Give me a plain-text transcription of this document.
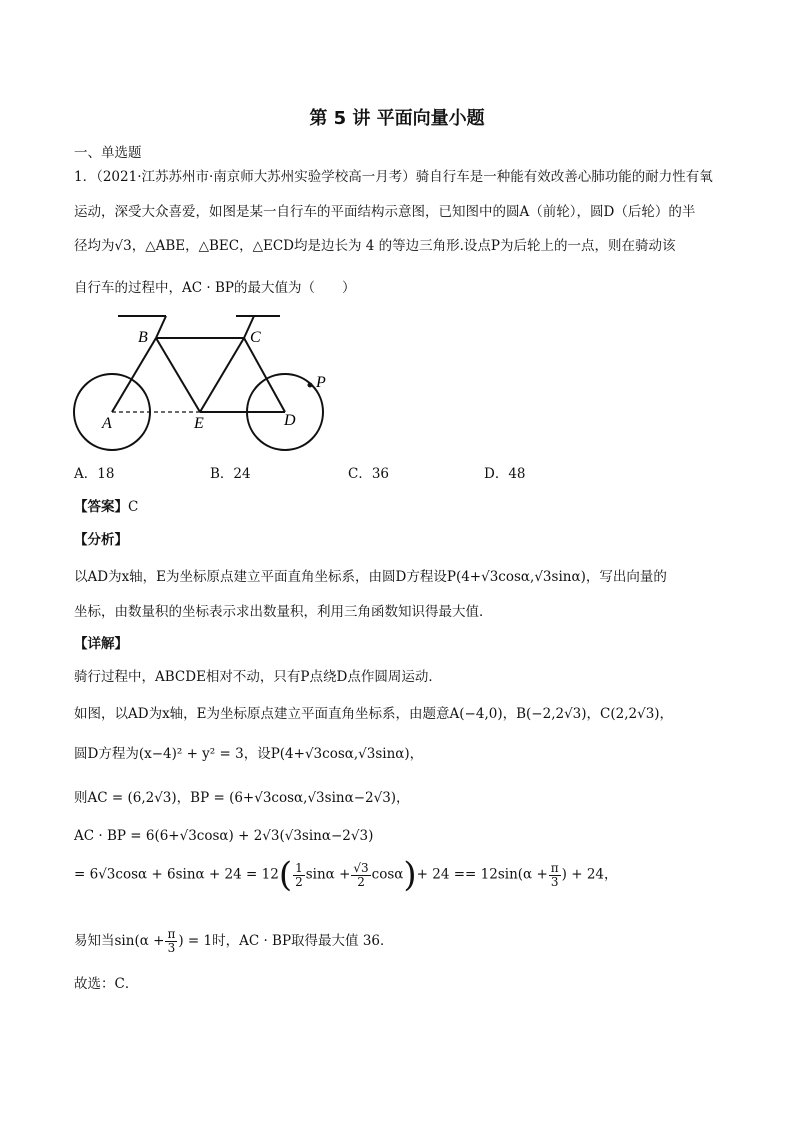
第 5 讲 平面向量小题
一、单选题
1．（2021·江苏苏州市·南京师大苏州实验学校高一月考）骑自行车是一种能有效改善心肺功能的耐力性有氧
运动，深受大众喜爱，如图是某一自行车的平面结构示意图，已知图中的圆A（前轮），圆D（后轮）的半
径均为√3，△ABE，△BEC，△ECD均是边长为 4 的等边三角形.设点P为后轮上的一点，则在骑动该
自行车的过程中，AC · BP的最大值为（　　）
B	C
A	E	D
P
A．18	B．24	C．36	D．48
【答案】C
【分析】
以AD为x轴，E为坐标原点建立平面直角坐标系，由圆D方程设P(4+√3cosα,√3sinα)，写出向量的
坐标，由数量积的坐标表示求出数量积，利用三角函数知识得最大值．
【详解】
骑行过程中，ABCDE相对不动，只有P点绕D点作圆周运动．
如图，以AD为x轴，E为坐标原点建立平面直角坐标系，由题意A(−4,0)，B(−2,2√3)，C(2,2√3)，
圆D方程为(x−4)² + y² = 3，设P(4+√3cosα,√3sinα)，
则AC = (6,2√3)，BP = (6+√3cosα,√3sinα−2√3)，
AC · BP = 6(6+√3cosα) + 2√3(√3sinα−2√3)
= $6√3\cos\alpha + 6\sin\alpha + 24 = 12( \frac{1}{2}$ $\sin\alpha + \frac{√3}{2} \cos\alpha)+ 24 == 12\sin(\alpha + \frac{\pi}{3}$ ) + 24，
易知当$\sin(\alpha + \frac{\pi}{3}$ ) = 1时，AC · BP取得最大值 36．
故选：C．
